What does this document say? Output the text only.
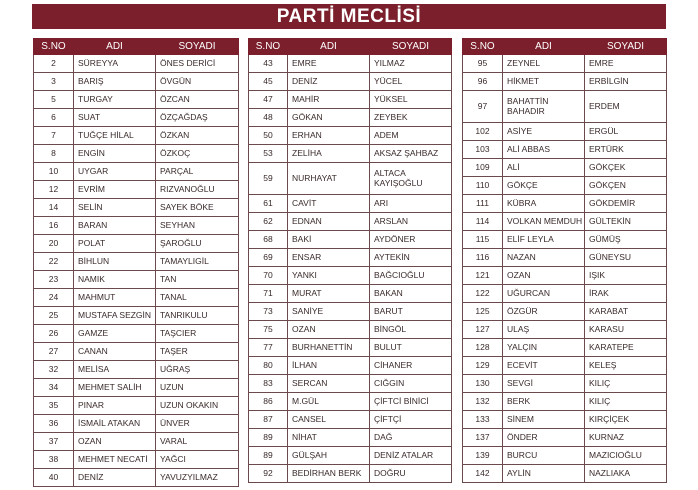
PARTİ MECLİSİ
S.NO	ADI	SOYADI
2	SÜREYYA	ÖNES DERİCİ
3	BARIŞ	ÖVGÜN
5	TURGAY	ÖZCAN
6	SUAT	ÖZÇAĞDAŞ
7	TUĞÇE HİLAL	ÖZKAN
8	ENGİN	ÖZKOÇ
10	UYGAR	PARÇAL
12	EVRİM	RIZVANOĞLU
14	SELİN	SAYEK BÖKE
16	BARAN	SEYHAN
20	POLAT	ŞAROĞLU
22	BİHLUN	TAMAYLIGİL
23	NAMIK	TAN
24	MAHMUT	TANAL
25	MUSTAFA SEZGİN	TANRIKULU
26	GAMZE	TAŞCIER
27	CANAN	TAŞER
32	MELİSA	UĞRAŞ
34	MEHMET SALİH	UZUN
35	PINAR	UZUN OKAKIN
36	İSMAİL ATAKAN	ÜNVER
37	OZAN	VARAL
38	MEHMET NECATİ	YAĞCI
40	DENİZ	YAVUZYILMAZ
S.NO	ADI	SOYADI
43	EMRE	YILMAZ
45	DENİZ	YÜCEL
47	MAHİR	YÜKSEL
48	GÖKAN	ZEYBEK
50	ERHAN	ADEM
53	ZELİHA	AKSAZ ŞAHBAZ
59	NURHAYAT	ALTACA KAYIŞOĞLU
61	CAVİT	ARI
62	EDNAN	ARSLAN
68	BAKİ	AYDÖNER
69	ENSAR	AYTEKİN
70	YANKI	BAĞCIOĞLU
71	MURAT	BAKAN
73	SANİYE	BARUT
75	OZAN	BİNGÖL
77	BURHANETTİN	BULUT
80	İLHAN	CİHANER
83	SERCAN	CIĞGIN
86	M.GÜL	ÇİFTCİ BİNİCİ
87	CANSEL	ÇİFTÇİ
89	NİHAT	DAĞ
89	GÜLŞAH	DENİZ ATALAR
92	BEDİRHAN BERK	DOĞRU
S.NO	ADI	SOYADI
95	ZEYNEL	EMRE
96	HİKMET	ERBİLGİN
97	BAHATTİN BAHADIR	ERDEM
102	ASİYE	ERGÜL
103	ALİ ABBAS	ERTÜRK
109	ALİ	GÖKÇEK
110	GÖKÇE	GÖKÇEN
111	KÜBRA	GÖKDEMİR
114	VOLKAN MEMDUH	GÜLTEKİN
115	ELİF LEYLA	GÜMÜŞ
116	NAZAN	GÜNEYSU
121	OZAN	IŞIK
122	UĞURCAN	İRAK
125	ÖZGÜR	KARABAT
127	ULAŞ	KARASU
128	YALÇIN	KARATEPE
129	ECEVİT	KELEŞ
130	SEVGİ	KILIÇ
132	BERK	KILIÇ
133	SİNEM	KIRÇİÇEK
137	ÖNDER	KURNAZ
139	BURCU	MAZICIOĞLU
142	AYLİN	NAZLIAKA
